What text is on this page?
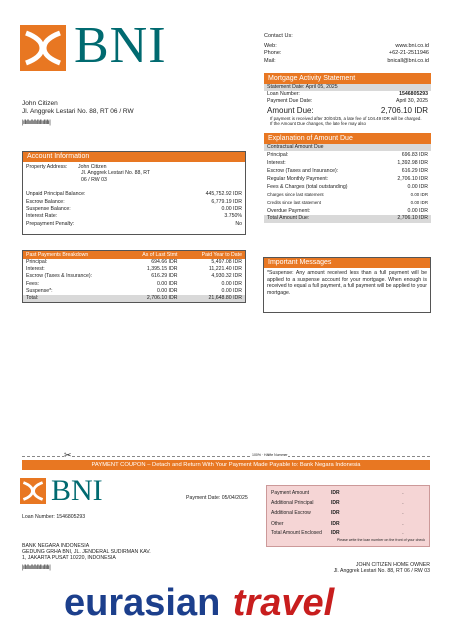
BNI	Contact Us:
Web:	www.bni.co.id
Phone:	+62-21-2511946
Mail:	bnicall@bni.co.id
John Citizen
Jl. Anggrek Lestari No. 88, RT 06 / RW
|ıllıllııllıllıllıllııllıllı|
Mortgage Activity Statement
Statement Date: April 05, 2025
Loan Number:	1546805293
Payment Due Date:	April 30, 2025
Amount Due:	2,706.10 IDR
If payment is received after 30/04/25, a late fee of 104.49 IDR will be charged. If the Amount Due changes, the late fee may also
Explanation of Amount Due
Contractual Amount Due
Principal:	696.83 IDR
Interest:	1,392.98 IDR
Escrow (Taxes and Insurance):	616.29 IDR
Regular Monthly Payment:	2,706.10 IDR
Fees & Charges (total outstanding)	0.00 IDR
Charges since last statement	0.00 IDR
Credits since last statement	0.00 IDR
Overdue Payment:	0.00 IDR
Total Amount Due:	2,706.10 IDR
Account Information
Property Address:	John Citizen
Jl. Anggrek Lestari No. 88, RT
06 / RW 03
Unpaid Principal Balance:	445,752.92 IDR
Escrow Balance:	6,779.19 IDR
Suspense Balance:	0.00 IDR
Interest Rate:	3.750%
Prepayment Penalty:	No
Past Payments Breakdown	As of Last Stmt	Paid Year to Date
Principal:	694.66 IDR	5,497.08 IDR
Interest:	1,395.15 IDR	11,221.40 IDR
Escrow (Taxes & Insurance):	616.29 IDR	4,930.32 IDR
Fees:	0.00 IDR	0.00 IDR
Suspense*:	0.00 IDR	0.00 IDR
Total:	2,706.10 IDR	21,648.80 IDR
Important Messages
*Suspense: Any amount received less than a full payment will be applied to a suspense account for your mortgage. When enough is received to equal a full payment, a full payment will be applied to your mortgage.
✂	100% · Hälfte Nummer
PAYMENT COUPON – Detach and Return With Your Payment Made Payable to: Bank Negara Indonesia
BNI	Payment Date: 05/04/2025
Loan Number: 1546805293
BANK NEGARA INDONESIA
GEDUNG GRHA BNI, JL. JENDERAL SUDIRMAN KAV.
1, JAKARTA PUSAT 10220, INDONESIA
|ıllıllııllıllıllıllııllıllı|
Payment Amount	IDR	.
Additional Principal	IDR	.
Additional Escrow	IDR	.
Other	IDR	.
Total Amount Enclosed	IDR	.
Please write the loan number on the front of your check
JOHN CITIZEN HOME OWNER
Jl. Anggrek Lestari No. 88, RT 06 / RW 03
eurasian travel
